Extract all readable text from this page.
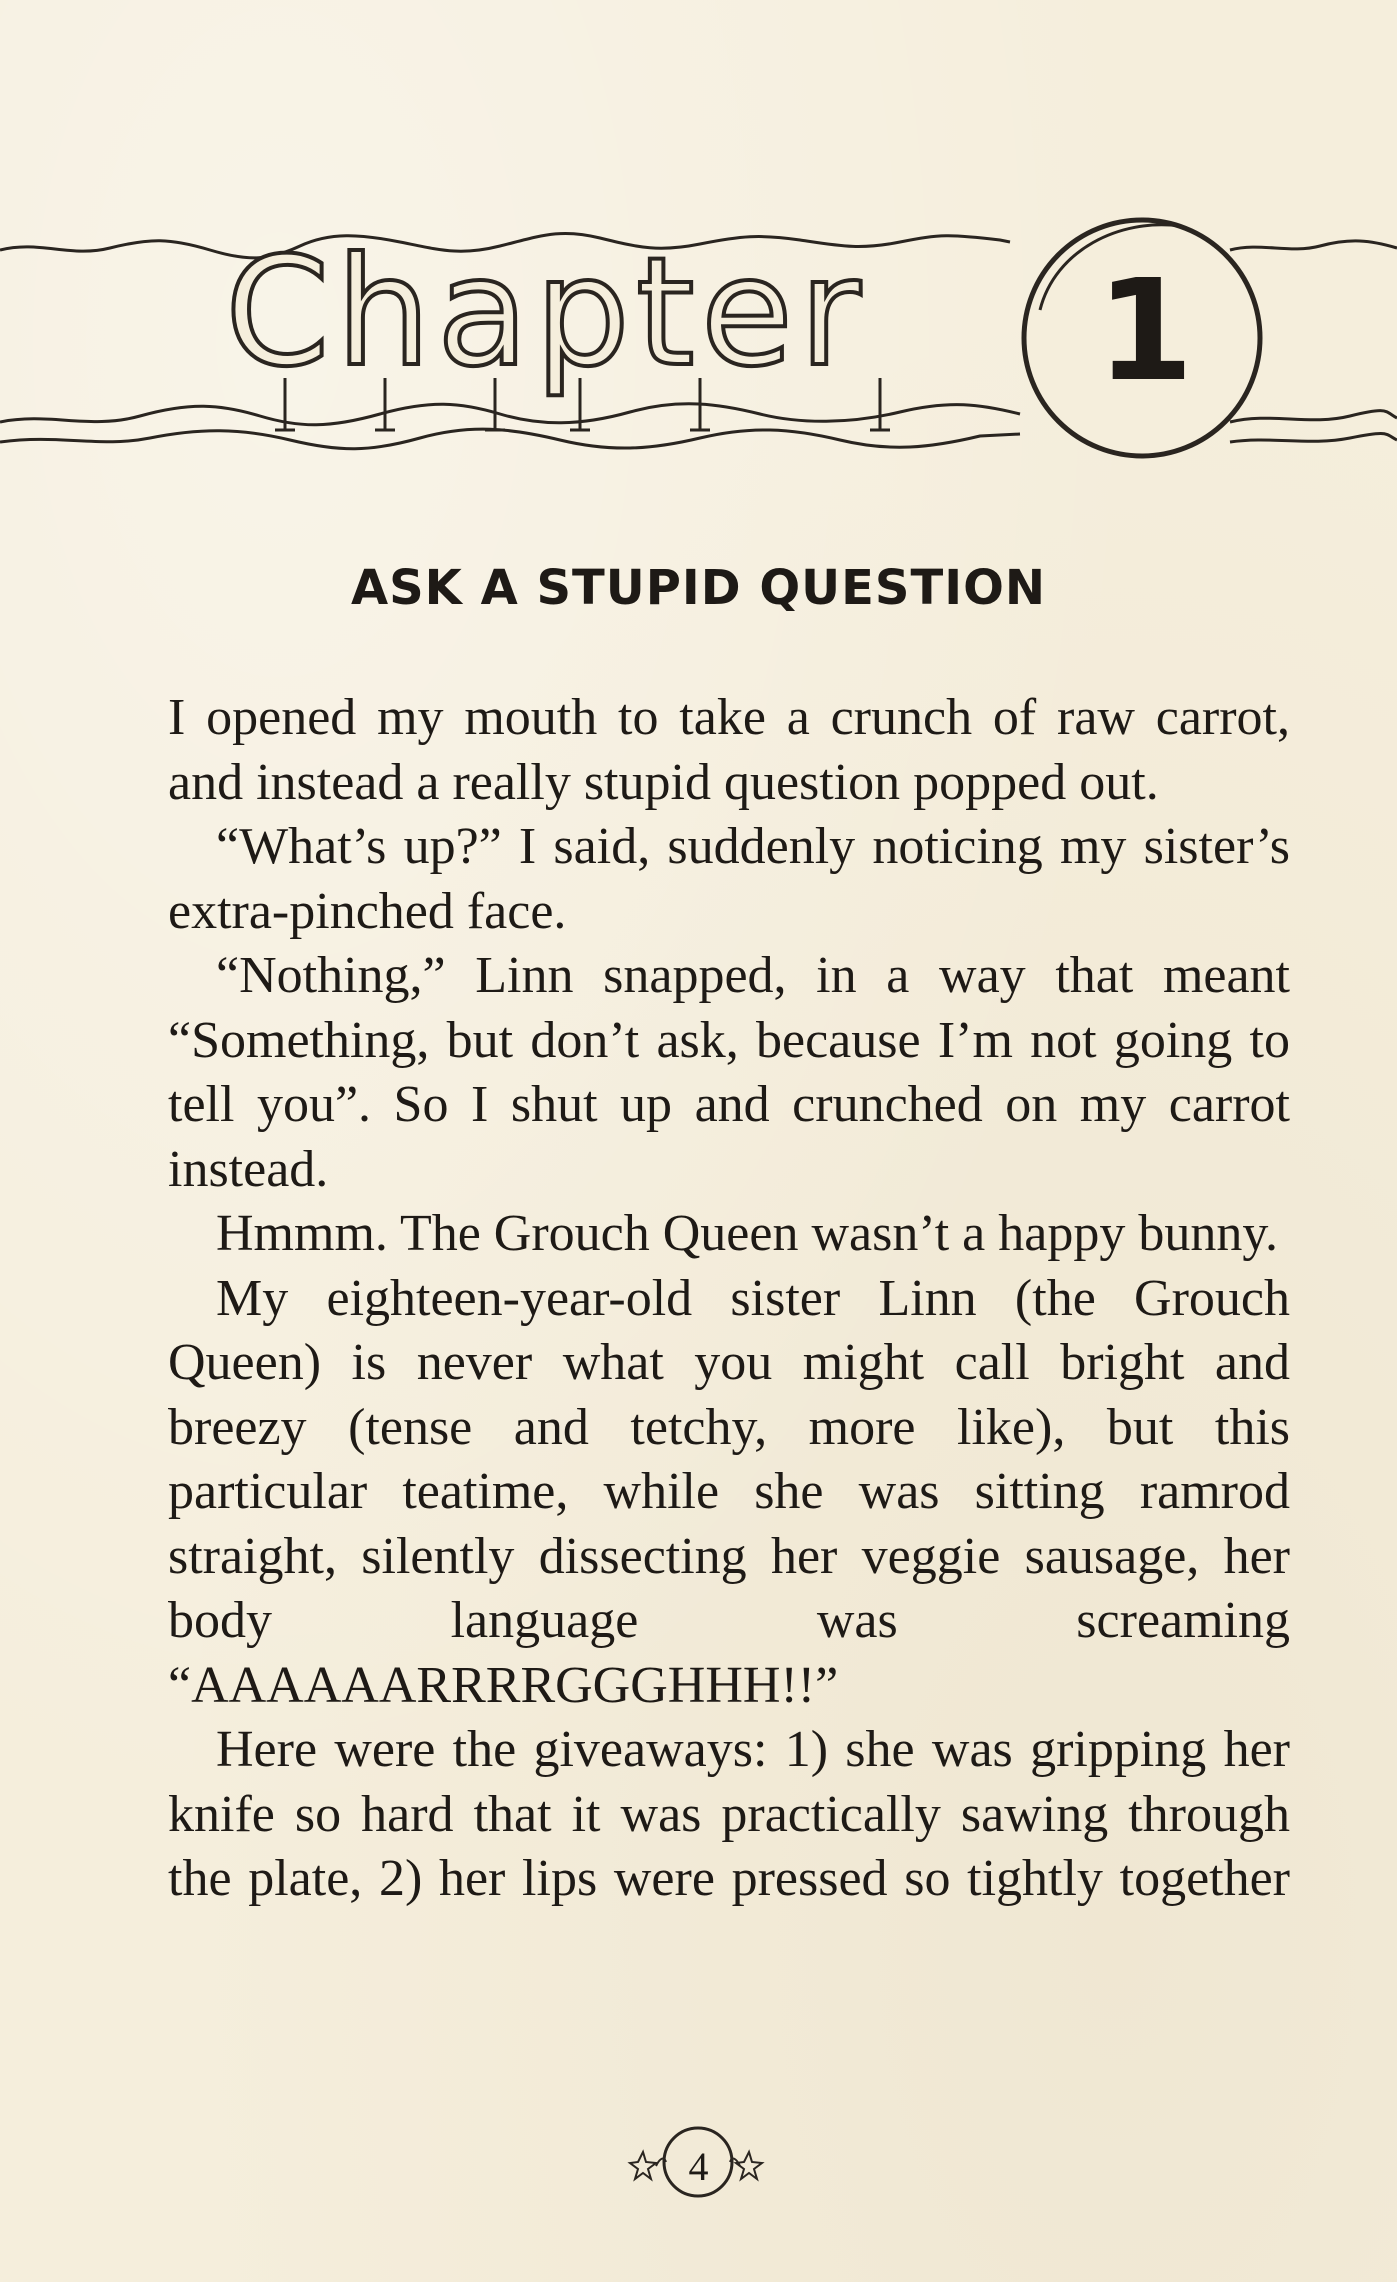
Chapter	1
ASK A STUPID QUESTION

I opened my mouth to take a crunch of raw carrot, and instead a really stupid question popped out.

“What’s up?” I said, suddenly noticing my sister’s extra-pinched face.

“Nothing,” Linn snapped, in a way that meant “Something, but don’t ask, because I’m not going to tell you”. So I shut up and crunched on my carrot instead.

Hmmm. The Grouch Queen wasn’t a happy bunny.

My eighteen-year-old sister Linn (the Grouch Queen) is never what you might call bright and breezy (tense and tetchy, more like), but this particular teatime, while she was sitting ramrod straight, silently dissecting her veggie sausage, her body language was screaming “AAAAAARRRRGGGHHH!!”

Here were the giveaways: 1) she was gripping her knife so hard that it was practically sawing through the plate, 2) her lips were pressed so tightly together

4
